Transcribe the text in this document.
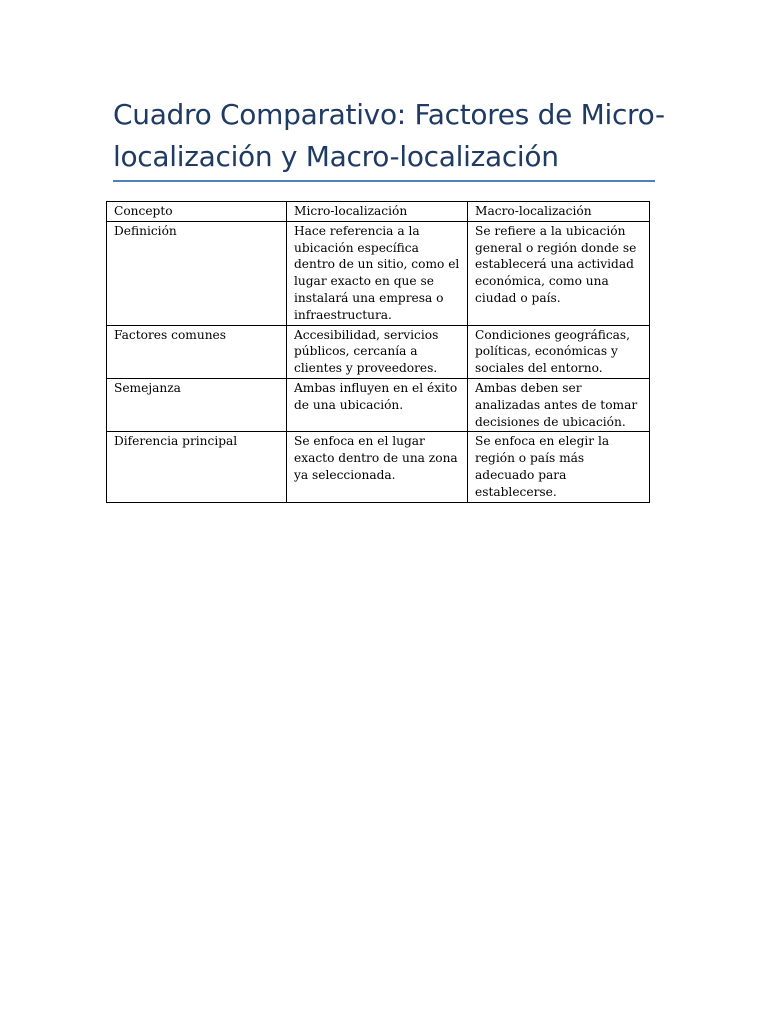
Cuadro Comparativo: Factores de Micro-localización y Macro-localización
Concepto	Micro-localización	Macro-localización
Definición	Hace referencia a la ubicación específica dentro de un sitio, como el lugar exacto en que se instalará una empresa o infraestructura.	Se refiere a la ubicación general o región donde se establecerá una actividad económica, como una ciudad o país.
Factores comunes	Accesibilidad, servicios públicos, cercanía a clientes y proveedores.	Condiciones geográficas, políticas, económicas y sociales del entorno.
Semejanza	Ambas influyen en el éxito de una ubicación.	Ambas deben ser analizadas antes de tomar decisiones de ubicación.
Diferencia principal	Se enfoca en el lugar exacto dentro de una zona ya seleccionada.	Se enfoca en elegir la región o país más adecuado para establecerse.
